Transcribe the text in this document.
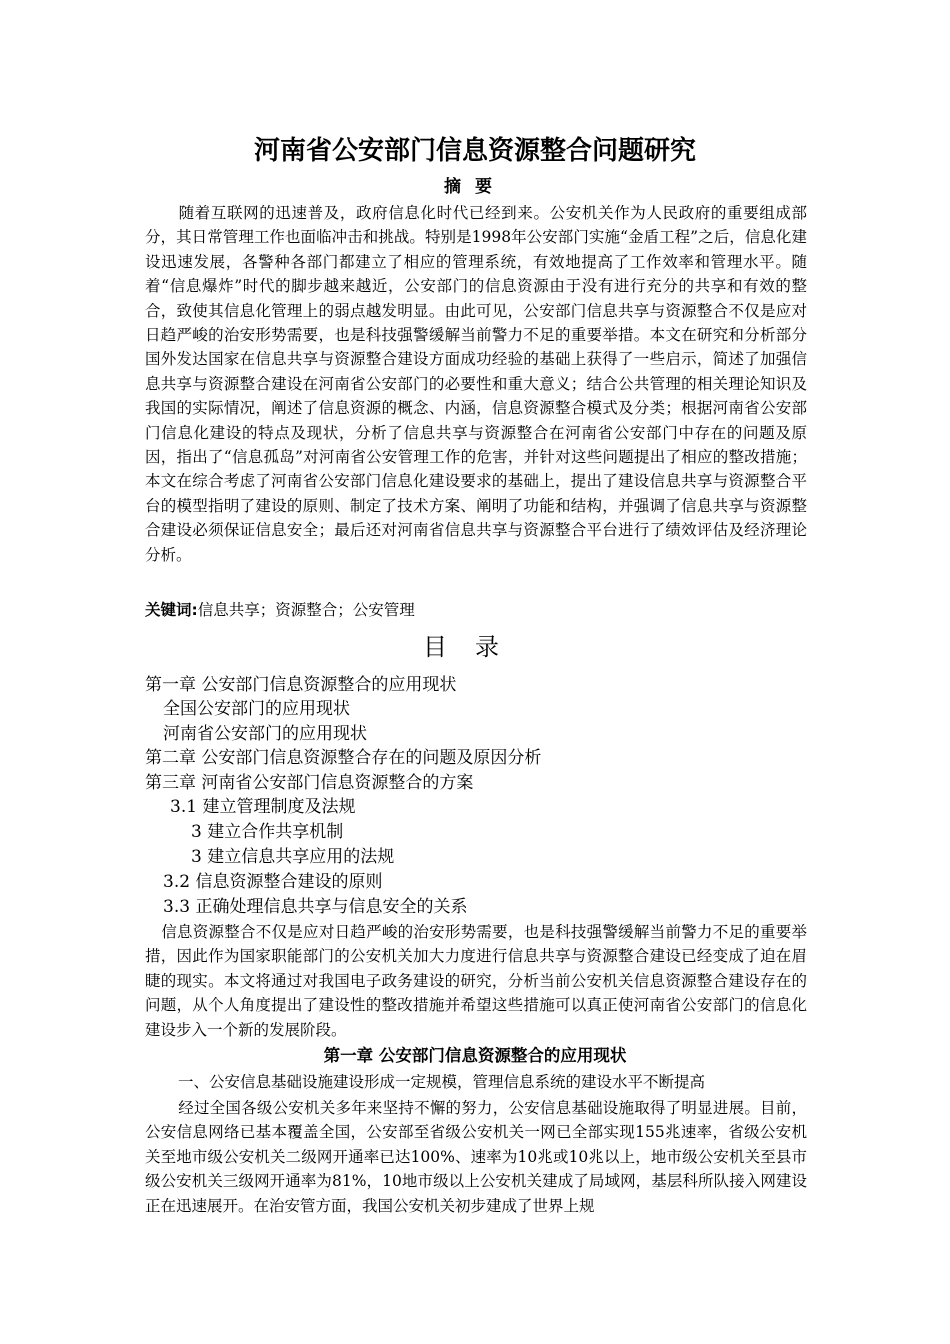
河南省公安部门信息资源整合问题研究
摘要
随着互联网的迅速普及，政府信息化时代已经到来。公安机关作为人民政府的重要组成部分，其日常管理工作也面临冲击和挑战。特别是1998年公安部门实施“金盾工程”之后，信息化建设迅速发展，各警种各部门都建立了相应的管理系统，有效地提高了工作效率和管理水平。随着“信息爆炸”时代的脚步越来越近，公安部门的信息资源由于没有进行充分的共享和有效的整合，致使其信息化管理上的弱点越发明显。由此可见，公安部门信息共享与资源整合不仅是应对日趋严峻的治安形势需要，也是科技强警缓解当前警力不足的重要举措。本文在研究和分析部分国外发达国家在信息共享与资源整合建设方面成功经验的基础上获得了一些启示，简述了加强信息共享与资源整合建设在河南省公安部门的必要性和重大意义；结合公共管理的相关理论知识及我国的实际情况，阐述了信息资源的概念、内涵，信息资源整合模式及分类；根据河南省公安部门信息化建设的特点及现状，分析了信息共享与资源整合在河南省公安部门中存在的问题及原因，指出了“信息孤岛”对河南省公安管理工作的危害，并针对这些问题提出了相应的整改措施；本文在综合考虑了河南省公安部门信息化建设要求的基础上，提出了建设信息共享与资源整合平台的模型指明了建设的原则、制定了技术方案、阐明了功能和结构，并强调了信息共享与资源整合建设必须保证信息安全；最后还对河南省信息共享与资源整合平台进行了绩效评估及经济理论分析。
关键词:信息共享；资源整合；公安管理
目录
第一章 公安部门信息资源整合的应用现状
全国公安部门的应用现状
河南省公安部门的应用现状
第二章 公安部门信息资源整合存在的问题及原因分析
第三章 河南省公安部门信息资源整合的方案
3.1 建立管理制度及法规
3 建立合作共享机制
3 建立信息共享应用的法规
3.2 信息资源整合建设的原则
3.3 正确处理信息共享与信息安全的关系
信息资源整合不仅是应对日趋严峻的治安形势需要，也是科技强警缓解当前警力不足的重要举措，因此作为国家职能部门的公安机关加大力度进行信息共享与资源整合建设已经变成了迫在眉睫的现实。本文将通过对我国电子政务建设的研究，分析当前公安机关信息资源整合建设存在的问题，从个人角度提出了建设性的整改措施并希望这些措施可以真正使河南省公安部门的信息化建设步入一个新的发展阶段。
第一章 公安部门信息资源整合的应用现状
一、公安信息基础设施建设形成一定规模，管理信息系统的建设水平不断提高
经过全国各级公安机关多年来坚持不懈的努力，公安信息基础设施取得了明显进展。目前，公安信息网络已基本覆盖全国，公安部至省级公安机关一网已全部实现155兆速率，省级公安机关至地市级公安机关二级网开通率已达100%、速率为10兆或10兆以上，地市级公安机关至县市级公安机关三级网开通率为81%，10地市级以上公安机关建成了局域网，基层科所队接入网建设正在迅速展开。在治安管方面，我国公安机关初步建成了世界上规
